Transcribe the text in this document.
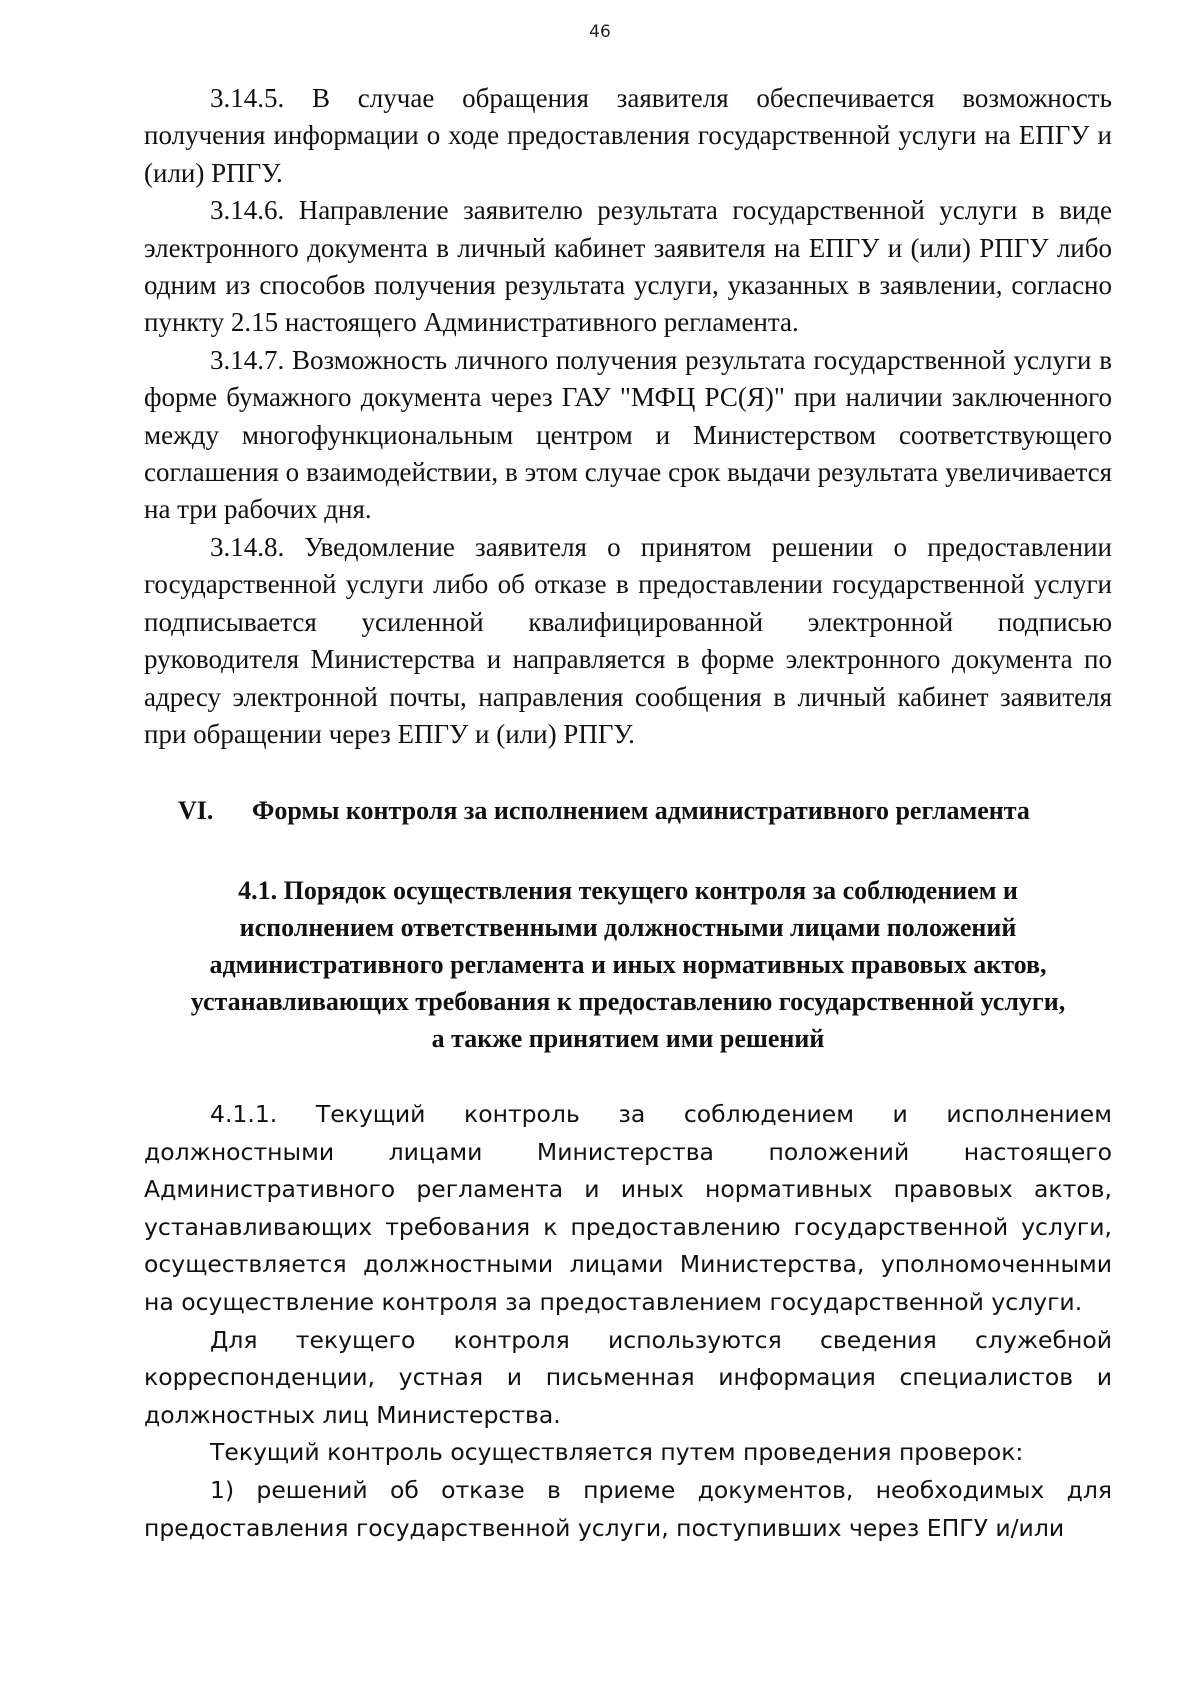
46

3.14.5. В случае обращения заявителя обеспечивается возможность получения информации о ходе предоставления государственной услуги на ЕПГУ и (или) РПГУ.

3.14.6. Направление заявителю результата государственной услуги в виде электронного документа в личный кабинет заявителя на ЕПГУ и (или) РПГУ либо одним из способов получения результата услуги, указанных в заявлении, согласно пункту 2.15 настоящего Административного регламента.

3.14.7. Возможность личного получения результата государственной услуги в форме бумажного документа через ГАУ "МФЦ РС(Я)" при наличии заключенного между многофункциональным центром и Министерством соответствующего соглашения о взаимодействии, в этом случае срок выдачи результата увеличивается на три рабочих дня.

3.14.8. Уведомление заявителя о принятом решении о предоставлении государственной услуги либо об отказе в предоставлении государственной услуги подписывается усиленной квалифицированной электронной подписью руководителя Министерства и направляется в форме электронного документа по адресу электронной почты, направления сообщения в личный кабинет заявителя при обращении через ЕПГУ и (или) РПГУ.

VI. Формы контроля за исполнением административного регламента
4.1. Порядок осуществления текущего контроля за соблюдением и
исполнением ответственными должностными лицами положений
административного регламента и иных нормативных правовых актов,
устанавливающих требования к предоставлению государственной услуги,
а также принятием ими решений

4.1.1. Текущий контроль за соблюдением и исполнением должностными лицами Министерства положений настоящего Административного регламента и иных нормативных правовых актов, устанавливающих требования к предоставлению государственной услуги, осуществляется должностными лицами Министерства, уполномоченными на осуществление контроля за предоставлением государственной услуги.

Для текущего контроля используются сведения служебной корреспонденции, устная и письменная информация специалистов и должностных лиц Министерства.

Текущий контроль осуществляется путем проведения проверок:

1) решений об отказе в приеме документов, необходимых для предоставления государственной услуги, поступивших через ЕПГУ и/или
